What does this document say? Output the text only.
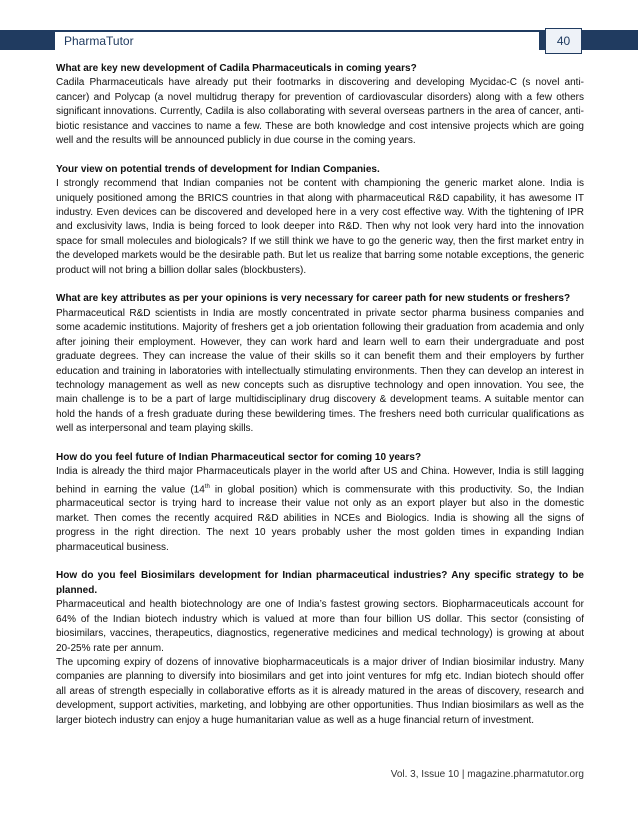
PharmaTutor	40

What are key new development of Cadila Pharmaceuticals in coming years?

Cadila Pharmaceuticals have already put their footmarks in discovering and developing Mycidac-C (s novel anti-cancer) and Polycap (a novel multidrug therapy for prevention of cardiovascular disorders) along with a few others significant innovations. Currently, Cadila is also collaborating with several overseas partners in the area of cancer, anti-biotic resistance and vaccines to name a few. These are both knowledge and cost intensive projects which are going well and the results will be announced publicly in due course in the coming years.

Your view on potential trends of development for Indian Companies.

I strongly recommend that Indian companies not be content with championing the generic market alone. India is uniquely positioned among the BRICS countries in that along with pharmaceutical R&D capability, it has awesome IT industry. Even devices can be discovered and developed here in a very cost effective way. With the tightening of IPR and exclusivity laws, India is being forced to look deeper into R&D. Then why not look very hard into the innovation space for small molecules and biologicals? If we still think we have to go the generic way, then the first market entry in the developed markets would be the desirable path. But let us realize that barring some notable exceptions, the generic product will not bring a billion dollar sales (blockbusters).

What are key attributes as per your opinions is very necessary for career path for new students or freshers?

Pharmaceutical R&D scientists in India are mostly concentrated in private sector pharma business companies and some academic institutions. Majority of freshers get a job orientation following their graduation from academia and only after joining their employment. However, they can work hard and learn well to earn their undergraduate and post graduate degrees. They can increase the value of their skills so it can benefit them and their employers by further education and training in laboratories with intellectually stimulating environments. Then they can develop an interest in technology management as well as new concepts such as disruptive technology and open innovation. You see, the main challenge is to be a part of large multidisciplinary drug discovery & development teams. A suitable mentor can hold the hands of a fresh graduate during these bewildering times. The freshers need both curricular qualifications as well as interpersonal and team playing skills.

How do you feel future of Indian Pharmaceutical sector for coming 10 years?

India is already the third major Pharmaceuticals player in the world after US and China. However, India is still lagging behind in earning the value (14th in global position) which is commensurate with this productivity. So, the Indian pharmaceutical sector is trying hard to increase their value not only as an export player but also in the domestic market. Then comes the recently acquired R&D abilities in NCEs and Biologics. India is showing all the signs of progress in the right direction. The next 10 years probably usher the most golden times in expanding Indian pharmaceutical business.

How do you feel Biosimilars development for Indian pharmaceutical industries? Any specific strategy to be planned.

Pharmaceutical and health biotechnology are one of India’s fastest growing sectors. Biopharmaceuticals account for 64% of the Indian biotech industry which is valued at more than four billion US dollar. This sector (consisting of biosimilars, vaccines, therapeutics, diagnostics, regenerative medicines and medical technology) is growing at about 20-25% rate per annum.

The upcoming expiry of dozens of innovative biopharmaceuticals is a major driver of Indian biosimilar industry. Many companies are planning to diversify into biosimilars and get into joint ventures for mfg etc. Indian biotech should offer all areas of strength especially in collaborative efforts as it is already matured in the areas of discovery, research and development, support activities, marketing, and lobbying are other opportunities. Thus Indian biosimilars as well as the larger biotech industry can enjoy a huge humanitarian value as well as a huge financial return of investment.

Vol. 3, Issue 10 | magazine.pharmatutor.org
